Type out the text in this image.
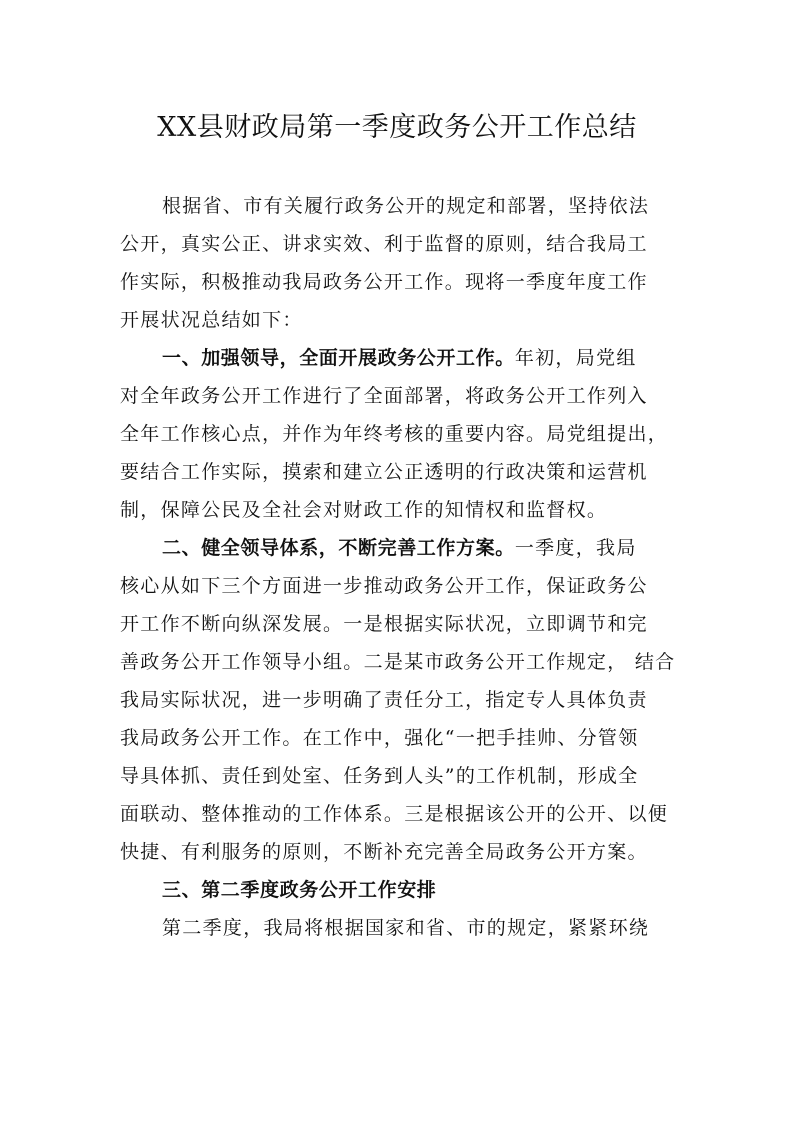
XX县财政局第一季度政务公开工作总结
根据省、市有关履行政务公开的规定和部署，坚持依法
公开，真实公正、讲求实效、利于监督的原则，结合我局工
作实际，积极推动我局政务公开工作。现将一季度年度工作
开展状况总结如下：
一、加强领导，全面开展政务公开工作。年初，局党组
对全年政务公开工作进行了全面部署，将政务公开工作列入
全年工作核心点，并作为年终考核的重要内容。局党组提出，
要结合工作实际，摸索和建立公正透明的行政决策和运营机
制，保障公民及全社会对财政工作的知情权和监督权。
二、健全领导体系，不断完善工作方案。一季度，我局
核心从如下三个方面进一步推动政务公开工作，保证政务公
开工作不断向纵深发展。一是根据实际状况，立即调节和完
善政务公开工作领导小组。二是某市政务公开工作规定， 结合
我局实际状况，进一步明确了责任分工，指定专人具体负责
我局政务公开工作。在工作中，强化“一把手挂帅、分管领
导具体抓、责任到处室、任务到人头”的工作机制，形成全
面联动、整体推动的工作体系。三是根据该公开的公开、以便
快捷、有利服务的原则，不断补充完善全局政务公开方案。
三、第二季度政务公开工作安排
第二季度，我局将根据国家和省、市的规定，紧紧环绕
